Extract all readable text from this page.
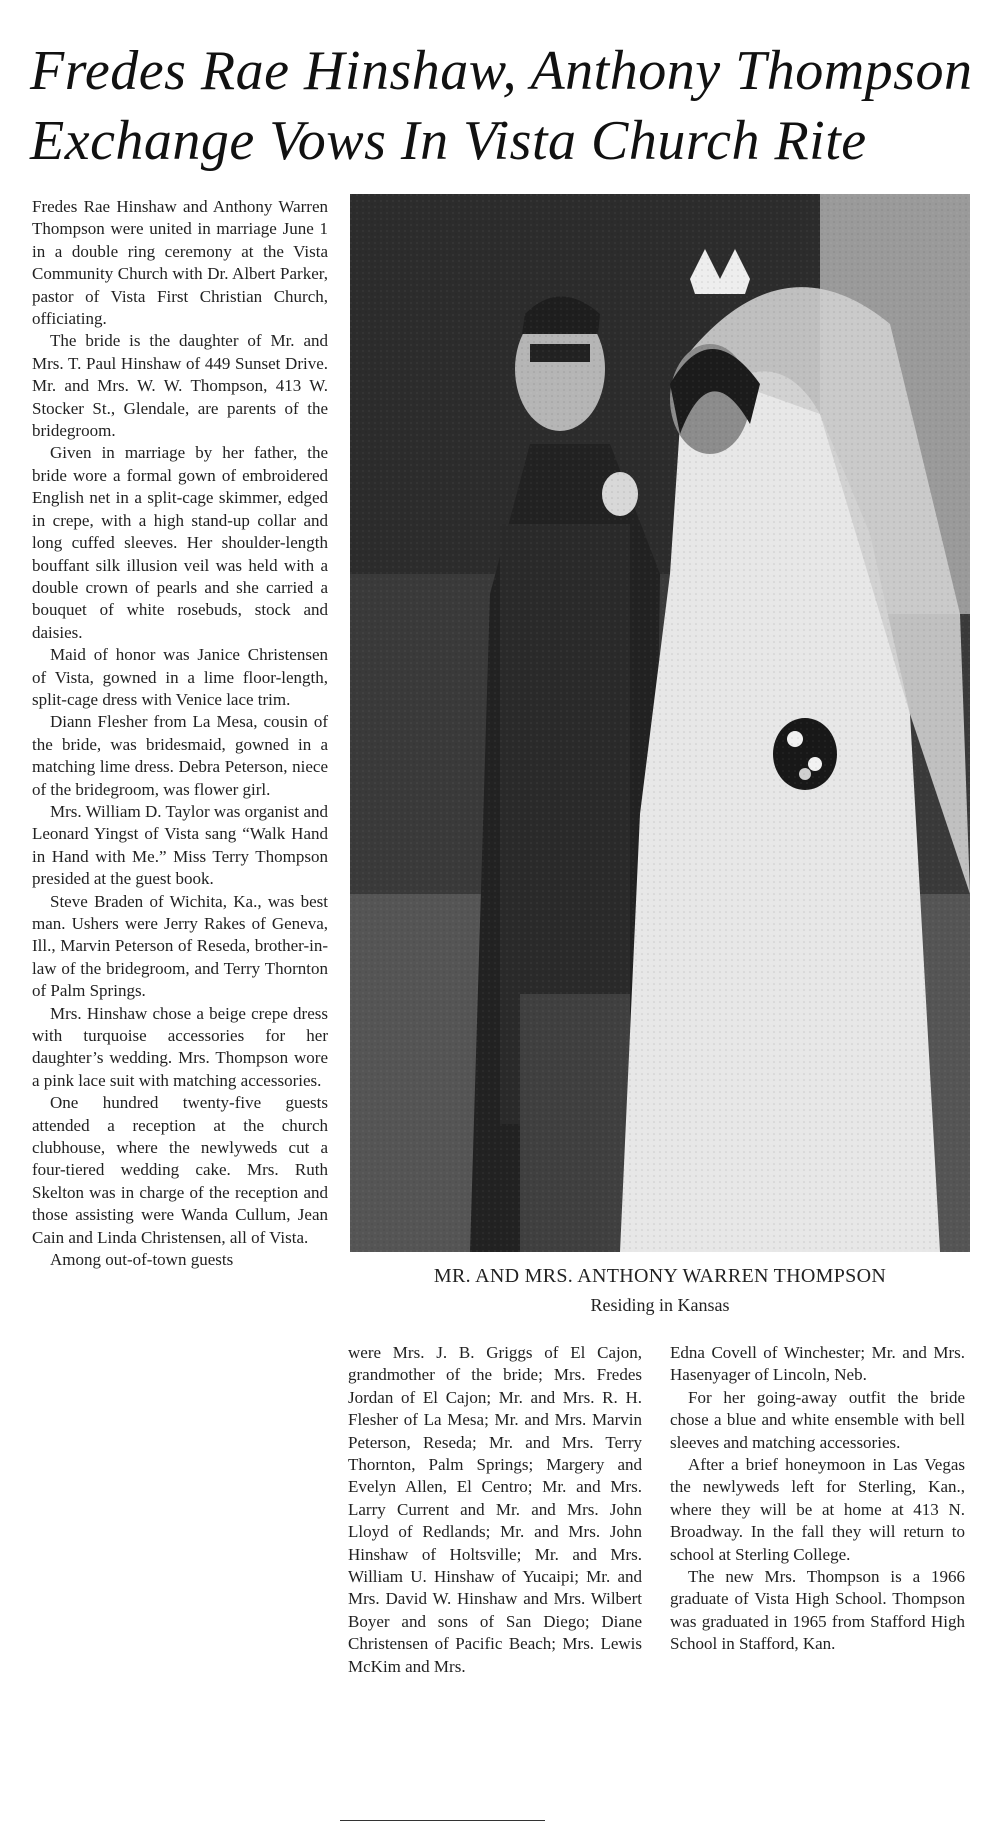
Fredes Rae Hinshaw, Anthony Thompson
Exchange Vows In Vista Church Rite

Fredes Rae Hinshaw and Anthony Warren Thompson were united in marriage June 1 in a double ring ceremony at the Vista Community Church with Dr. Albert Parker, pastor of Vista First Christian Church, officiating.

The bride is the daughter of Mr. and Mrs. T. Paul Hinshaw of 449 Sunset Drive. Mr. and Mrs. W. W. Thompson, 413 W. Stocker St., Glendale, are parents of the bridegroom.

Given in marriage by her father, the bride wore a formal gown of embroidered English net in a split-cage skimmer, edged in crepe, with a high stand-up collar and long cuffed sleeves. Her shoulder-length bouffant silk illusion veil was held with a double crown of pearls and she carried a bouquet of white rosebuds, stock and daisies.

Maid of honor was Janice Christensen of Vista, gowned in a lime floor-length, split-cage dress with Venice lace trim.

Diann Flesher from La Mesa, cousin of the bride, was bridesmaid, gowned in a matching lime dress. Debra Peterson, niece of the bridegroom, was flower girl.

Mrs. William D. Taylor was organist and Leonard Yingst of Vista sang “Walk Hand in Hand with Me.” Miss Terry Thompson presided at the guest book.

Steve Braden of Wichita, Ka., was best man. Ushers were Jerry Rakes of Geneva, Ill., Marvin Peterson of Reseda, brother-in-law of the bridegroom, and Terry Thornton of Palm Springs.

Mrs. Hinshaw chose a beige crepe dress with turquoise accessories for her daughter’s wedding. Mrs. Thompson wore a pink lace suit with matching accessories.

One hundred twenty-five guests attended a reception at the church clubhouse, where the newlyweds cut a four-tiered wedding cake. Mrs. Ruth Skelton was in charge of the reception and those assisting were Wanda Cullum, Jean Cain and Linda Christensen, all of Vista.

Among out-of-town guests

MR. AND MRS. ANTHONY WARREN THOMPSON
Residing in Kansas

were Mrs. J. B. Griggs of El Cajon, grandmother of the bride; Mrs. Fredes Jordan of El Cajon; Mr. and Mrs. R. H. Flesher of La Mesa; Mr. and Mrs. Marvin Peterson, Reseda; Mr. and Mrs. Terry Thornton, Palm Springs; Margery and Evelyn Allen, El Centro; Mr. and Mrs. Larry Current and Mr. and Mrs. John Lloyd of Redlands; Mr. and Mrs. John Hinshaw of Holtsville; Mr. and Mrs. William U. Hinshaw of Yucaipi; Mr. and Mrs. David W. Hinshaw and Mrs. Wilbert Boyer and sons of San Diego; Diane Christensen of Pacific Beach; Mrs. Lewis McKim and Mrs.

Edna Covell of Winchester; Mr. and Mrs. Hasenyager of Lincoln, Neb.

For her going-away outfit the bride chose a blue and white ensemble with bell sleeves and matching accessories.

After a brief honeymoon in Las Vegas the newlyweds left for Sterling, Kan., where they will be at home at 413 N. Broadway. In the fall they will return to school at Sterling College.

The new Mrs. Thompson is a 1966 graduate of Vista High School. Thompson was graduated in 1965 from Stafford High School in Stafford, Kan.
